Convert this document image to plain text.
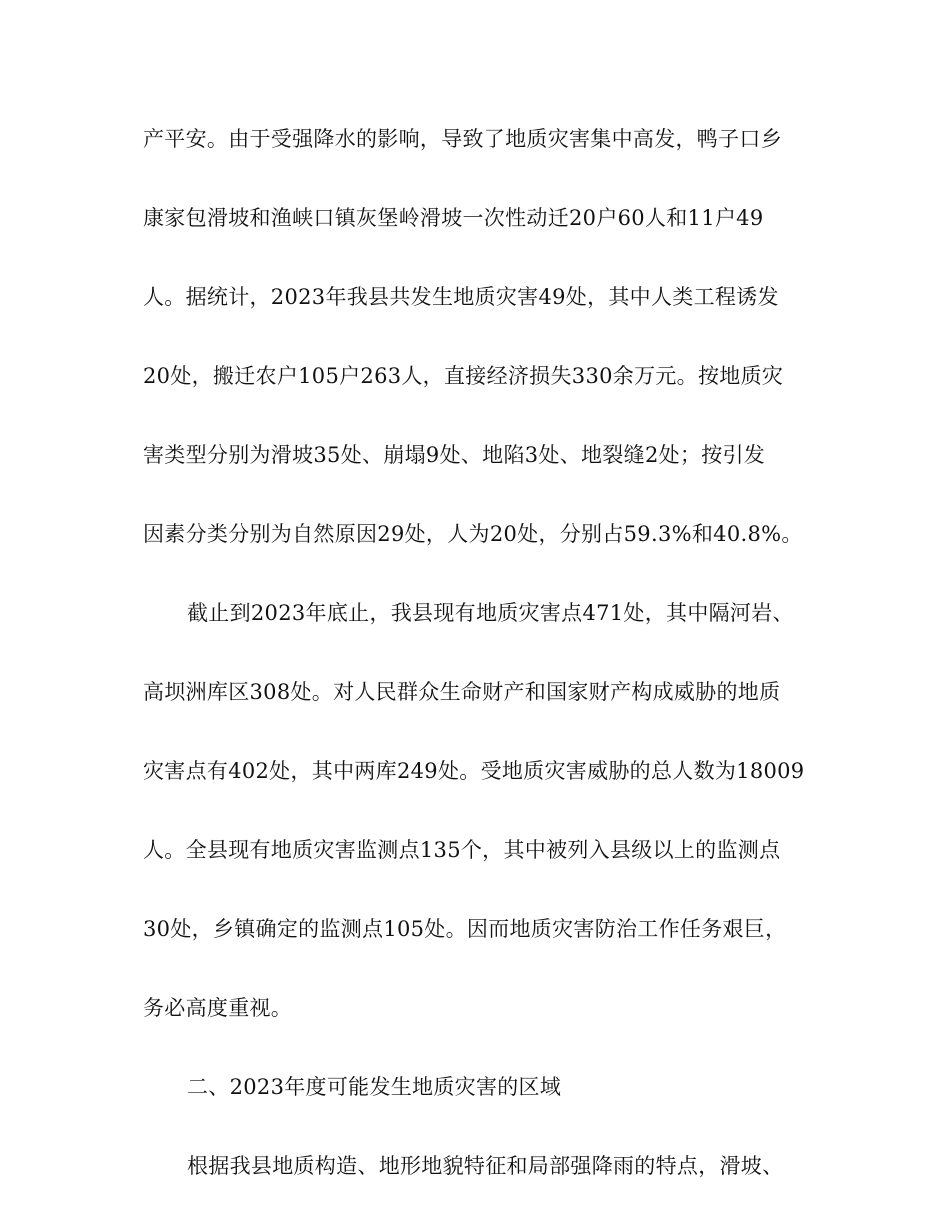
产平安。由于受强降水的影响，导致了地质灾害集中高发，鸭子口乡
康家包滑坡和渔峡口镇灰堡岭滑坡一次性动迁20户60人和11户49
人。据统计，2023年我县共发生地质灾害49处，其中人类工程诱发
20处，搬迁农户105户263人，直接经济损失330余万元。按地质灾
害类型分别为滑坡35处、崩塌9处、地陷3处、地裂缝2处；按引发
因素分类分别为自然原因29处，人为20处，分别占59.3%和40.8%。
截止到2023年底止，我县现有地质灾害点471处，其中隔河岩、
高坝洲库区308处。对人民群众生命财产和国家财产构成威胁的地质
灾害点有402处，其中两库249处。受地质灾害威胁的总人数为18009
人。全县现有地质灾害监测点135个，其中被列入县级以上的监测点
30处，乡镇确定的监测点105处。因而地质灾害防治工作任务艰巨，
务必高度重视。
二、2023年度可能发生地质灾害的区域
根据我县地质构造、地形地貌特征和局部强降雨的特点，滑坡、
